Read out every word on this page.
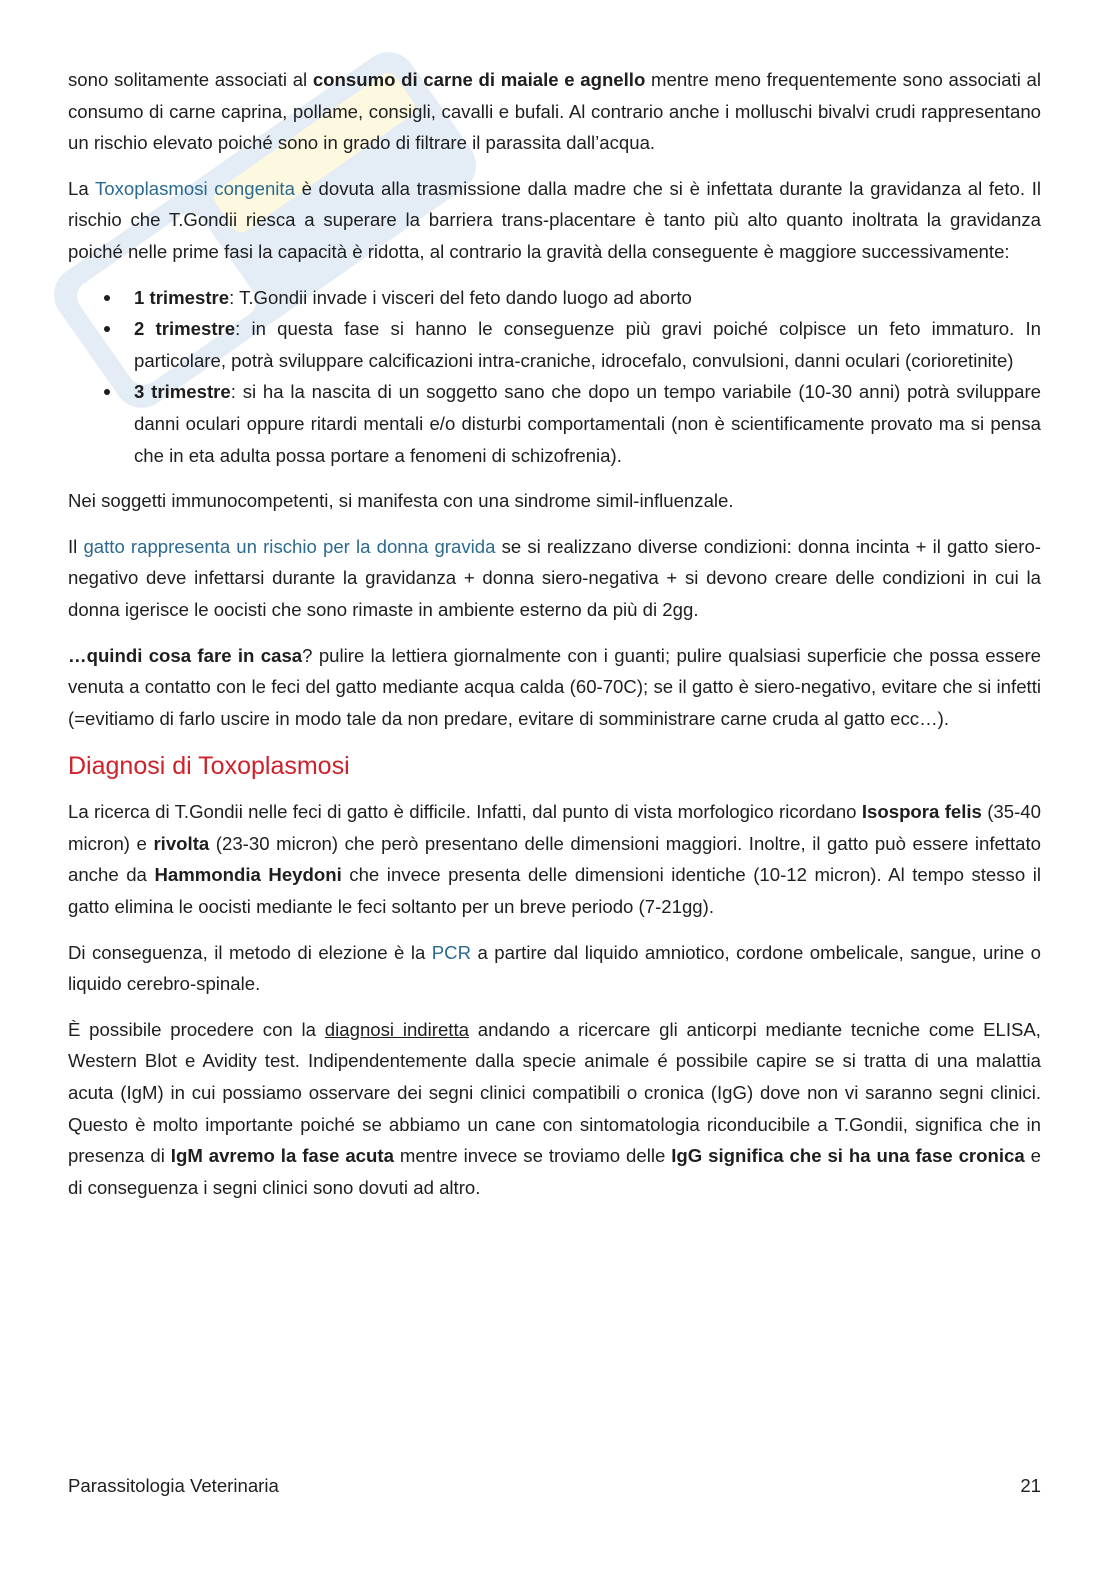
sono solitamente associati al consumo di carne di maiale e agnello mentre meno frequentemente sono associati al consumo di carne caprina, pollame, consigli, cavalli e bufali. Al contrario anche i molluschi bivalvi crudi rappresentano un rischio elevato poiché sono in grado di filtrare il parassita dall’acqua.

La Toxoplasmosi congenita è dovuta alla trasmissione dalla madre che si è infettata durante la gravidanza al feto. Il rischio che T.Gondii riesca a superare la barriera trans-placentare è tanto più alto quanto inoltrata la gravidanza poiché nelle prime fasi la capacità è ridotta, al contrario la gravità della conseguente è maggiore successivamente:

1 trimestre: T.Gondii invade i visceri del feto dando luogo ad aborto
2 trimestre: in questa fase si hanno le conseguenze più gravi poiché colpisce un feto immaturo. In particolare, potrà sviluppare calcificazioni intra-craniche, idrocefalo, convulsioni, danni oculari (corioretinite)
3 trimestre: si ha la nascita di un soggetto sano che dopo un tempo variabile (10-30 anni) potrà sviluppare danni oculari oppure ritardi mentali e/o disturbi comportamentali (non è scientificamente provato ma si pensa che in eta adulta possa portare a fenomeni di schizofrenia).

Nei soggetti immunocompetenti, si manifesta con una sindrome simil-influenzale.

Il gatto rappresenta un rischio per la donna gravida se si realizzano diverse condizioni: donna incinta + il gatto siero-negativo deve infettarsi durante la gravidanza + donna siero-negativa + si devono creare delle condizioni in cui la donna igerisce le oocisti che sono rimaste in ambiente esterno da più di 2gg.

…quindi cosa fare in casa? pulire la lettiera giornalmente con i guanti; pulire qualsiasi superficie che possa essere venuta a contatto con le feci del gatto mediante acqua calda (60-70C); se il gatto è siero-negativo, evitare che si infetti (=evitiamo di farlo uscire in modo tale da non predare, evitare di somministrare carne cruda al gatto ecc…).

Diagnosi di Toxoplasmosi

La ricerca di T.Gondii nelle feci di gatto è difficile. Infatti, dal punto di vista morfologico ricordano Isospora felis (35-40 micron) e rivolta (23-30 micron) che però presentano delle dimensioni maggiori. Inoltre, il gatto può essere infettato anche da Hammondia Heydoni che invece presenta delle dimensioni identiche (10-12 micron). Al tempo stesso il gatto elimina le oocisti mediante le feci soltanto per un breve periodo (7-21gg).

Di conseguenza, il metodo di elezione è la PCR a partire dal liquido amniotico, cordone ombelicale, sangue, urine o liquido cerebro-spinale.

È possibile procedere con la diagnosi indiretta andando a ricercare gli anticorpi mediante tecniche come ELISA, Western Blot e Avidity test. Indipendentemente dalla specie animale é possibile capire se si tratta di una malattia acuta (IgM) in cui possiamo osservare dei segni clinici compatibili o cronica (IgG) dove non vi saranno segni clinici. Questo è molto importante poiché se abbiamo un cane con sintomatologia riconducibile a T.Gondii, significa che in presenza di IgM avremo la fase acuta mentre invece se troviamo delle IgG significa che si ha una fase cronica e di conseguenza i segni clinici sono dovuti ad altro.

Parassitologia Veterinaria	21
